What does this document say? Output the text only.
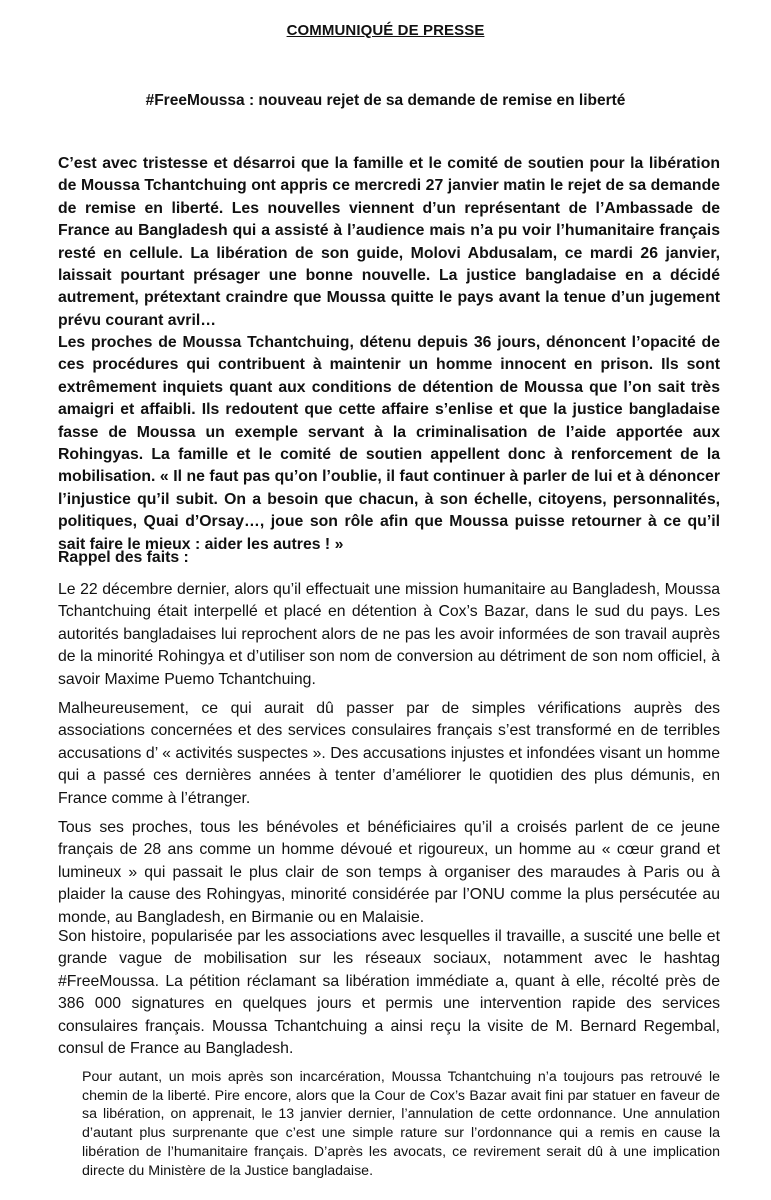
COMMUNIQUÉ DE PRESSE
#FreeMoussa : nouveau rejet de sa demande de remise en liberté

C’est avec tristesse et désarroi que la famille et le comité de soutien pour la libération de Moussa Tchantchuing ont appris ce mercredi 27 janvier matin le rejet de sa demande de remise en liberté. Les nouvelles viennent d’un représentant de l’Ambassade de France au Bangladesh qui a assisté à l’audience mais n’a pu voir l’humanitaire français resté en cellule. La libération de son guide, Molovi Abdusalam, ce mardi 26 janvier, laissait pourtant présager une bonne nouvelle. La justice bangladaise en a décidé autrement, prétextant craindre que Moussa quitte le pays avant la tenue d’un jugement prévu courant avril…

Les proches de Moussa Tchantchuing, détenu depuis 36 jours, dénoncent l’opacité de ces procédures qui contribuent à maintenir un homme innocent en prison. Ils sont extrêmement inquiets quant aux conditions de détention de Moussa que l’on sait très amaigri et affaibli. Ils redoutent que cette affaire s’enlise et que la justice bangladaise fasse de Moussa un exemple servant à la criminalisation de l’aide apportée aux Rohingyas. La famille et le comité de soutien appellent donc à renforcement de la mobilisation. « Il ne faut pas qu’on l’oublie, il faut continuer à parler de lui et à dénoncer l’injustice qu’il subit. On a besoin que chacun, à son échelle, citoyens, personnalités, politiques, Quai d’Orsay…, joue son rôle afin que Moussa puisse retourner à ce qu’il sait faire le mieux : aider les autres ! »

Rappel des faits :

Le 22 décembre dernier, alors qu’il effectuait une mission humanitaire au Bangladesh, Moussa Tchantchuing était interpellé et placé en détention à Cox’s Bazar, dans le sud du pays. Les autorités bangladaises lui reprochent alors de ne pas les avoir informées de son travail auprès de la minorité Rohingya et d’utiliser son nom de conversion au détriment de son nom officiel, à savoir Maxime Puemo Tchantchuing.

Malheureusement, ce qui aurait dû passer par de simples vérifications auprès des associations concernées et des services consulaires français s’est transformé en de terribles accusations d’ « activités suspectes ». Des accusations injustes et infondées visant un homme qui a passé ces dernières années à tenter d’améliorer le quotidien des plus démunis, en France comme à l’étranger.

Tous ses proches, tous les bénévoles et bénéficiaires qu’il a croisés parlent de ce jeune français de 28 ans comme un homme dévoué et rigoureux, un homme au « cœur grand et lumineux » qui passait le plus clair de son temps à organiser des maraudes à Paris ou à plaider la cause des Rohingyas, minorité considérée par l’ONU comme la plus persécutée au monde, au Bangladesh, en Birmanie ou en Malaisie.

Son histoire, popularisée par les associations avec lesquelles il travaille, a suscité une belle et grande vague de mobilisation sur les réseaux sociaux, notamment avec le hashtag #FreeMoussa. La pétition réclamant sa libération immédiate a, quant à elle, récolté près de 386 000 signatures en quelques jours et permis une intervention rapide des services consulaires français. Moussa Tchantchuing a ainsi reçu la visite de M. Bernard Regembal, consul de France au Bangladesh.

Pour autant, un mois après son incarcération, Moussa Tchantchuing n’a toujours pas retrouvé le chemin de la liberté. Pire encore, alors que la Cour de Cox’s Bazar avait fini par statuer en faveur de sa libération, on apprenait, le 13 janvier dernier, l’annulation de cette ordonnance. Une annulation d’autant plus surprenante que c’est une simple rature sur l’ordonnance qui a remis en cause la libération de l’humanitaire français. D’après les avocats, ce revirement serait dû à une implication directe du Ministère de la Justice bangladaise.
